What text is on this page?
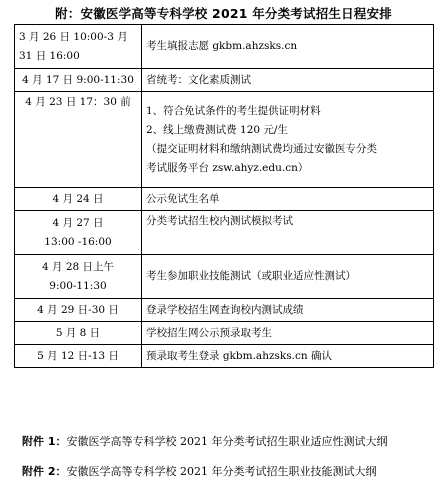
附：安徽医学高等专科学校 2021 年分类考试招生日程安排
3 月 26 日 10:00-3 月 31 日 16:00	考生填报志愿 gkbm.ahzsks.cn

4 月 17 日 9:00-11:30	省统考：文化素质测试

4 月 23 日 17：30 前	1、符合免试条件的考生提供证明材料
2、线上缴费测试费 120 元/生
（提交证明材料和缴纳测试费均通过安徽医专分类
考试服务平台 zsw.ahyz.edu.cn）

4 月 24 日	公示免试生名单

4 月 27 日
13:00 -16:00	分类考试招生校内测试模拟考试

4 月 28 日上午
9:00-11:30	考生参加职业技能测试（或职业适应性测试）

4 月 29 日-30 日	登录学校招生网查询校内测试成绩

5 月 8 日	学校招生网公示预录取考生

5 月 12 日-13 日	预录取考生登录 gkbm.ahzsks.cn 确认
附件 1：安徽医学高等专科学校 2021 年分类考试招生职业适应性测试大纲
附件 2：安徽医学高等专科学校 2021 年分类考试招生职业技能测试大纲
